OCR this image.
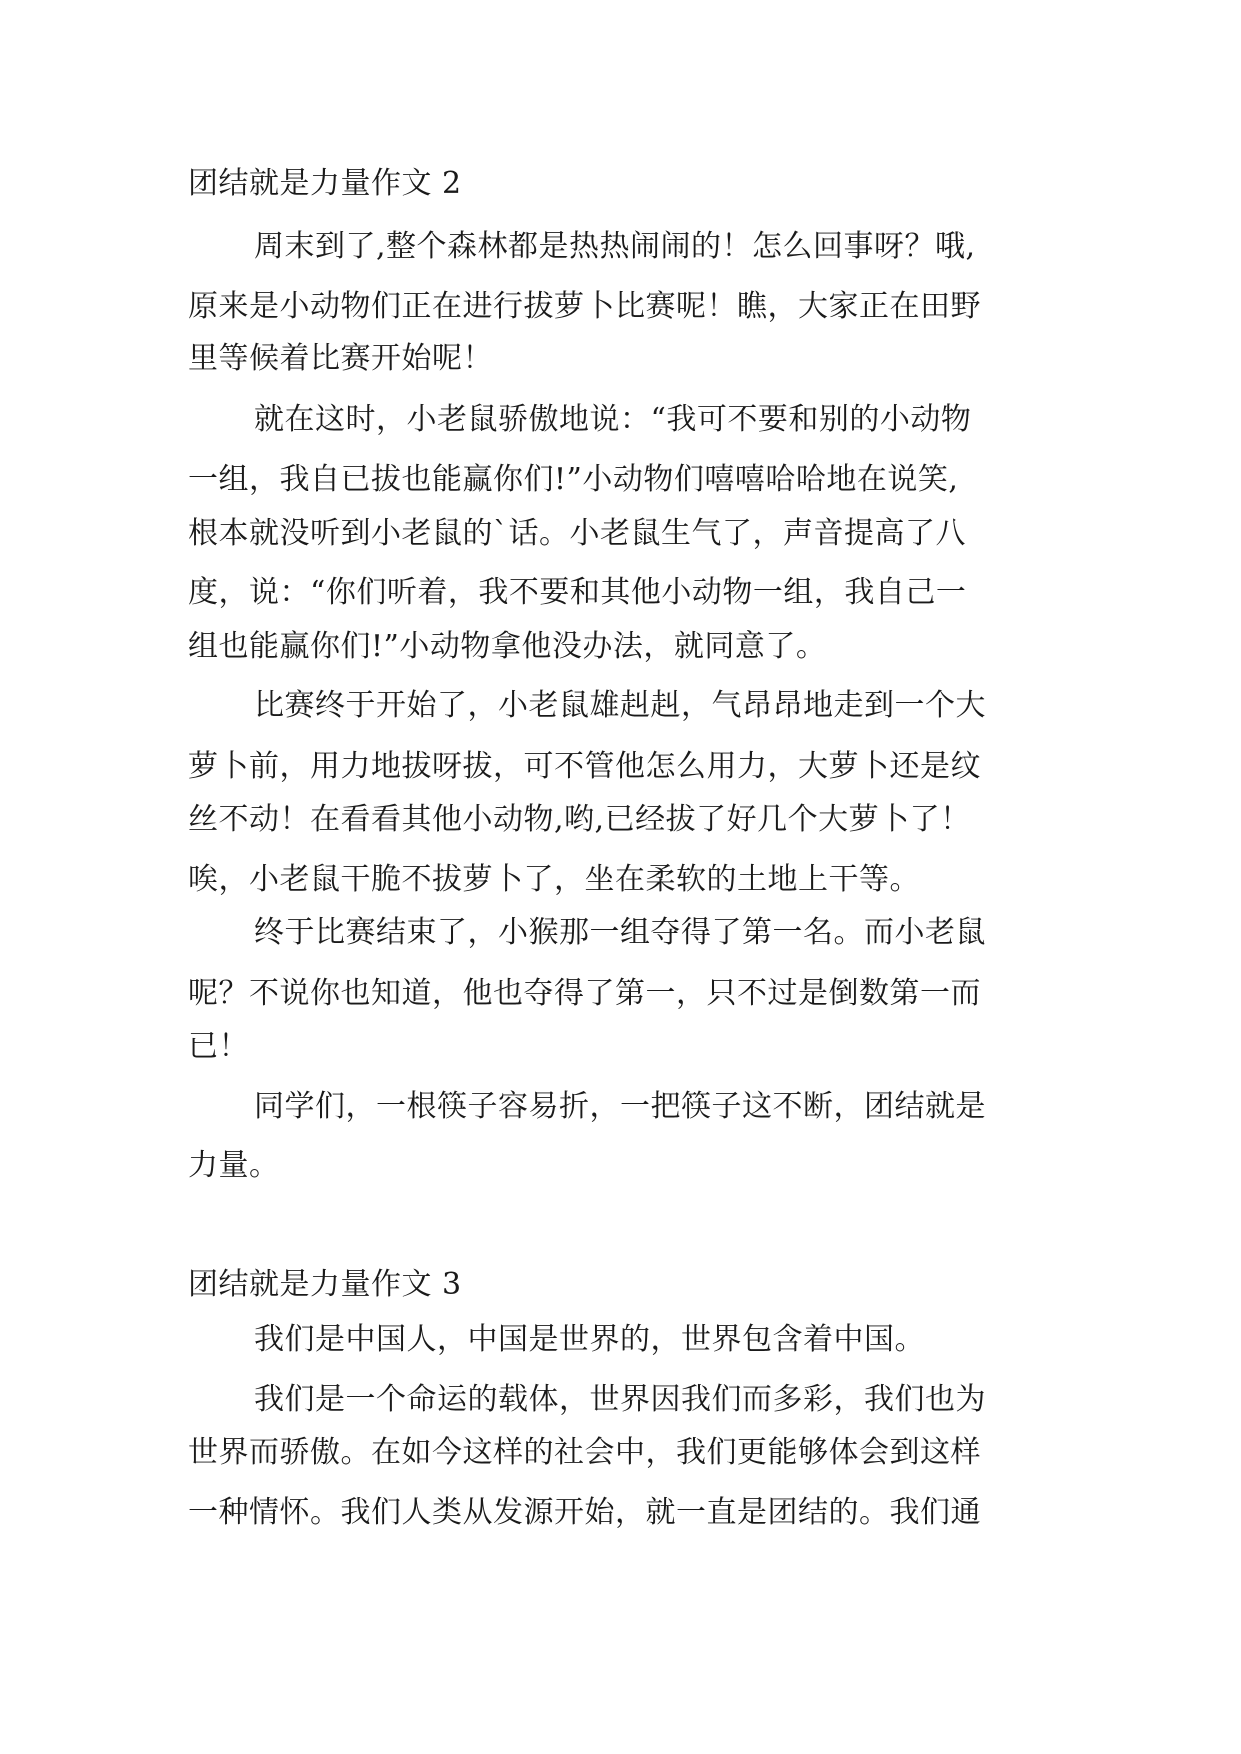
团结就是力量作文 2
周末到了,整个森林都是热热闹闹的！怎么回事呀？哦,
原来是小动物们正在进行拔萝卜比赛呢！瞧，大家正在田野
里等候着比赛开始呢！
就在这时，小老鼠骄傲地说：“我可不要和别的小动物
一组，我自已拔也能赢你们!”小动物们嘻嘻哈哈地在说笑,
根本就没听到小老鼠的`话。小老鼠生气了，声音提高了八
度，说：“你们听着，我不要和其他小动物一组，我自己一
组也能赢你们!”小动物拿他没办法，就同意了。
比赛终于开始了，小老鼠雄赳赳，气昂昂地走到一个大
萝卜前，用力地拔呀拔，可不管他怎么用力，大萝卜还是纹
丝不动！在看看其他小动物,哟,已经拔了好几个大萝卜了！
唉，小老鼠干脆不拔萝卜了，坐在柔软的土地上干等。
终于比赛结束了，小猴那一组夺得了第一名。而小老鼠
呢？不说你也知道，他也夺得了第一，只不过是倒数第一而
已！
同学们，一根筷子容易折，一把筷子这不断，团结就是
力量。
团结就是力量作文 3
我们是中国人，中国是世界的，世界包含着中国。
我们是一个命运的载体，世界因我们而多彩，我们也为
世界而骄傲。在如今这样的社会中，我们更能够体会到这样
一种情怀。我们人类从发源开始，就一直是团结的。我们通
